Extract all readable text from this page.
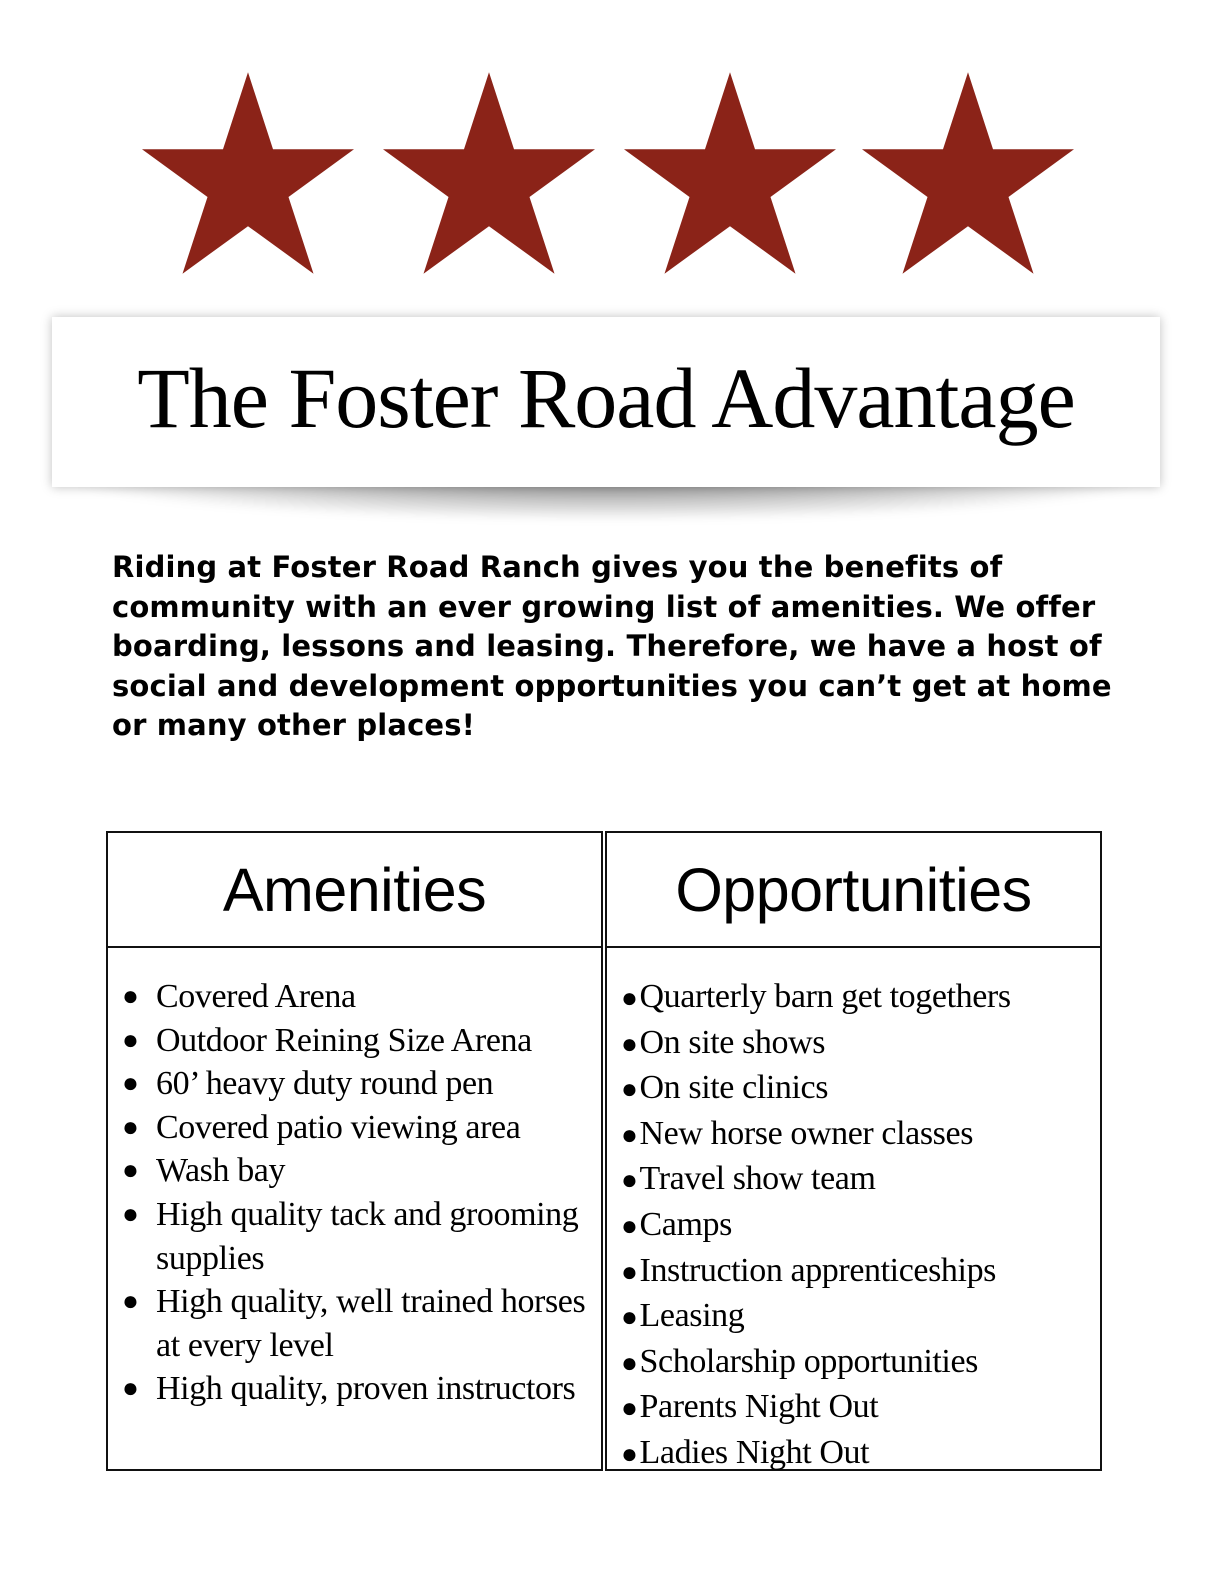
The Foster Road Advantage

Riding at Foster Road Ranch gives you the benefits of community with an ever growing list of amenities. We offer boarding, lessons and leasing. Therefore, we have a host of social and development opportunities you can’t get at home or many other places!

Amenities
● Covered Arena
● Outdoor Reining Size Arena
● 60’ heavy duty round pen
● Covered patio viewing area
● Wash bay
● High quality tack and grooming supplies
● High quality, well trained horses at every level
● High quality, proven instructors
Opportunities
●Quarterly barn get togethers
●On site shows
●On site clinics
●New horse owner classes
●Travel show team
●Camps
●Instruction apprenticeships
●Leasing
●Scholarship opportunities
●Parents Night Out
●Ladies Night Out
